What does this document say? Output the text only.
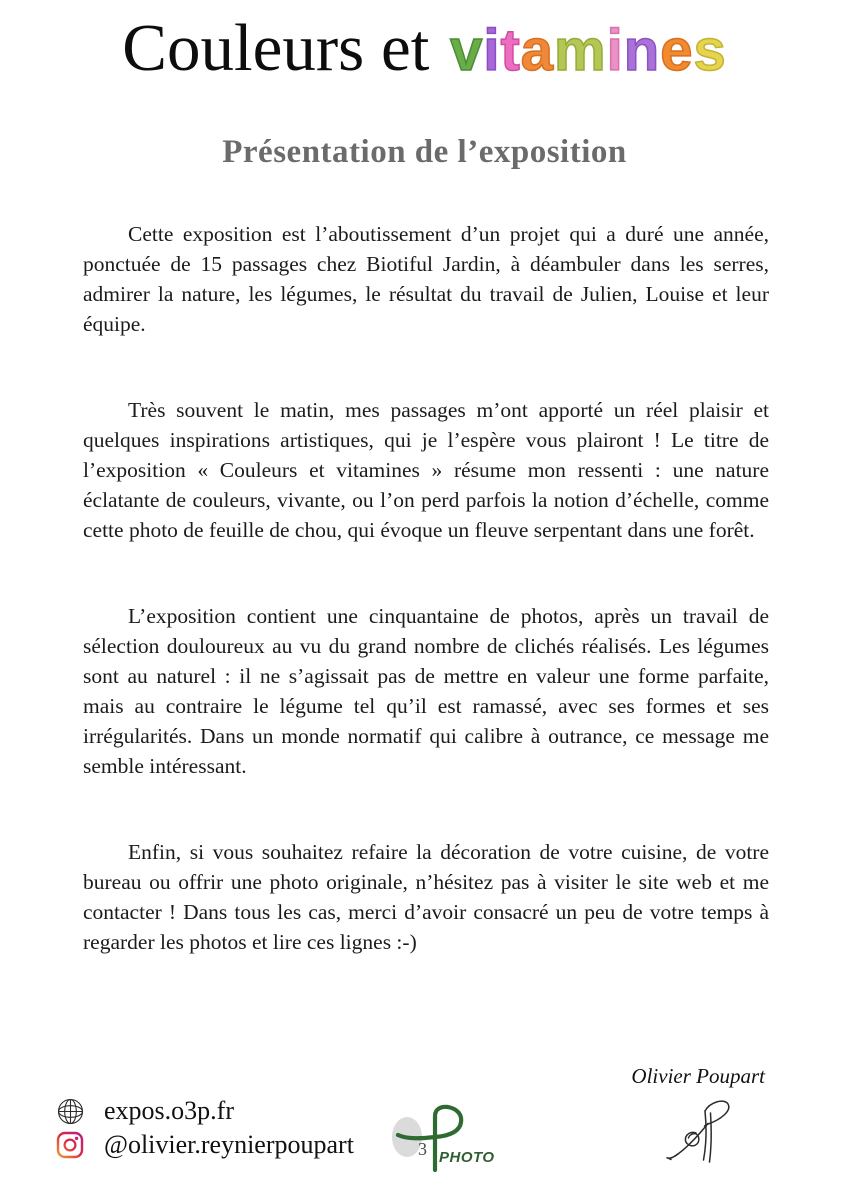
Couleurs et vitamines
Présentation de l’exposition

Cette exposition est l’aboutissement d’un projet qui a duré une année, ponctuée de 15 passages chez Biotiful Jardin, à déambuler dans les serres, admirer la nature, les légumes, le résultat du travail de Julien, Louise et leur équipe.

Très souvent le matin, mes passages m’ont apporté un réel plaisir et quelques inspirations artistiques, qui je l’espère vous plairont ! Le titre de l’exposition « Couleurs et vitamines » résume mon ressenti : une nature éclatante de couleurs, vivante, ou l’on perd parfois la notion d’échelle, comme cette photo de feuille de chou, qui évoque un fleuve serpentant dans une forêt.

L’exposition contient une cinquantaine de photos, après un travail de sélection douloureux au vu du grand nombre de clichés réalisés. Les légumes sont au naturel : il ne s’agissait pas de mettre en valeur une forme parfaite, mais au contraire le légume tel qu’il est ramassé, avec ses formes et ses irrégularités. Dans un monde normatif qui calibre à outrance, ce message me semble intéressant.

Enfin, si vous souhaitez refaire la décoration de votre cuisine, de votre bureau ou offrir une photo originale, n’hésitez pas à visiter le site web et me contacter ! Dans tous les cas, merci d’avoir consacré un peu de votre temps à regarder les photos et lire ces lignes :-)

Olivier Poupart
expos.o3p.fr
@olivier.reynierpoupart	3 PHOTO
